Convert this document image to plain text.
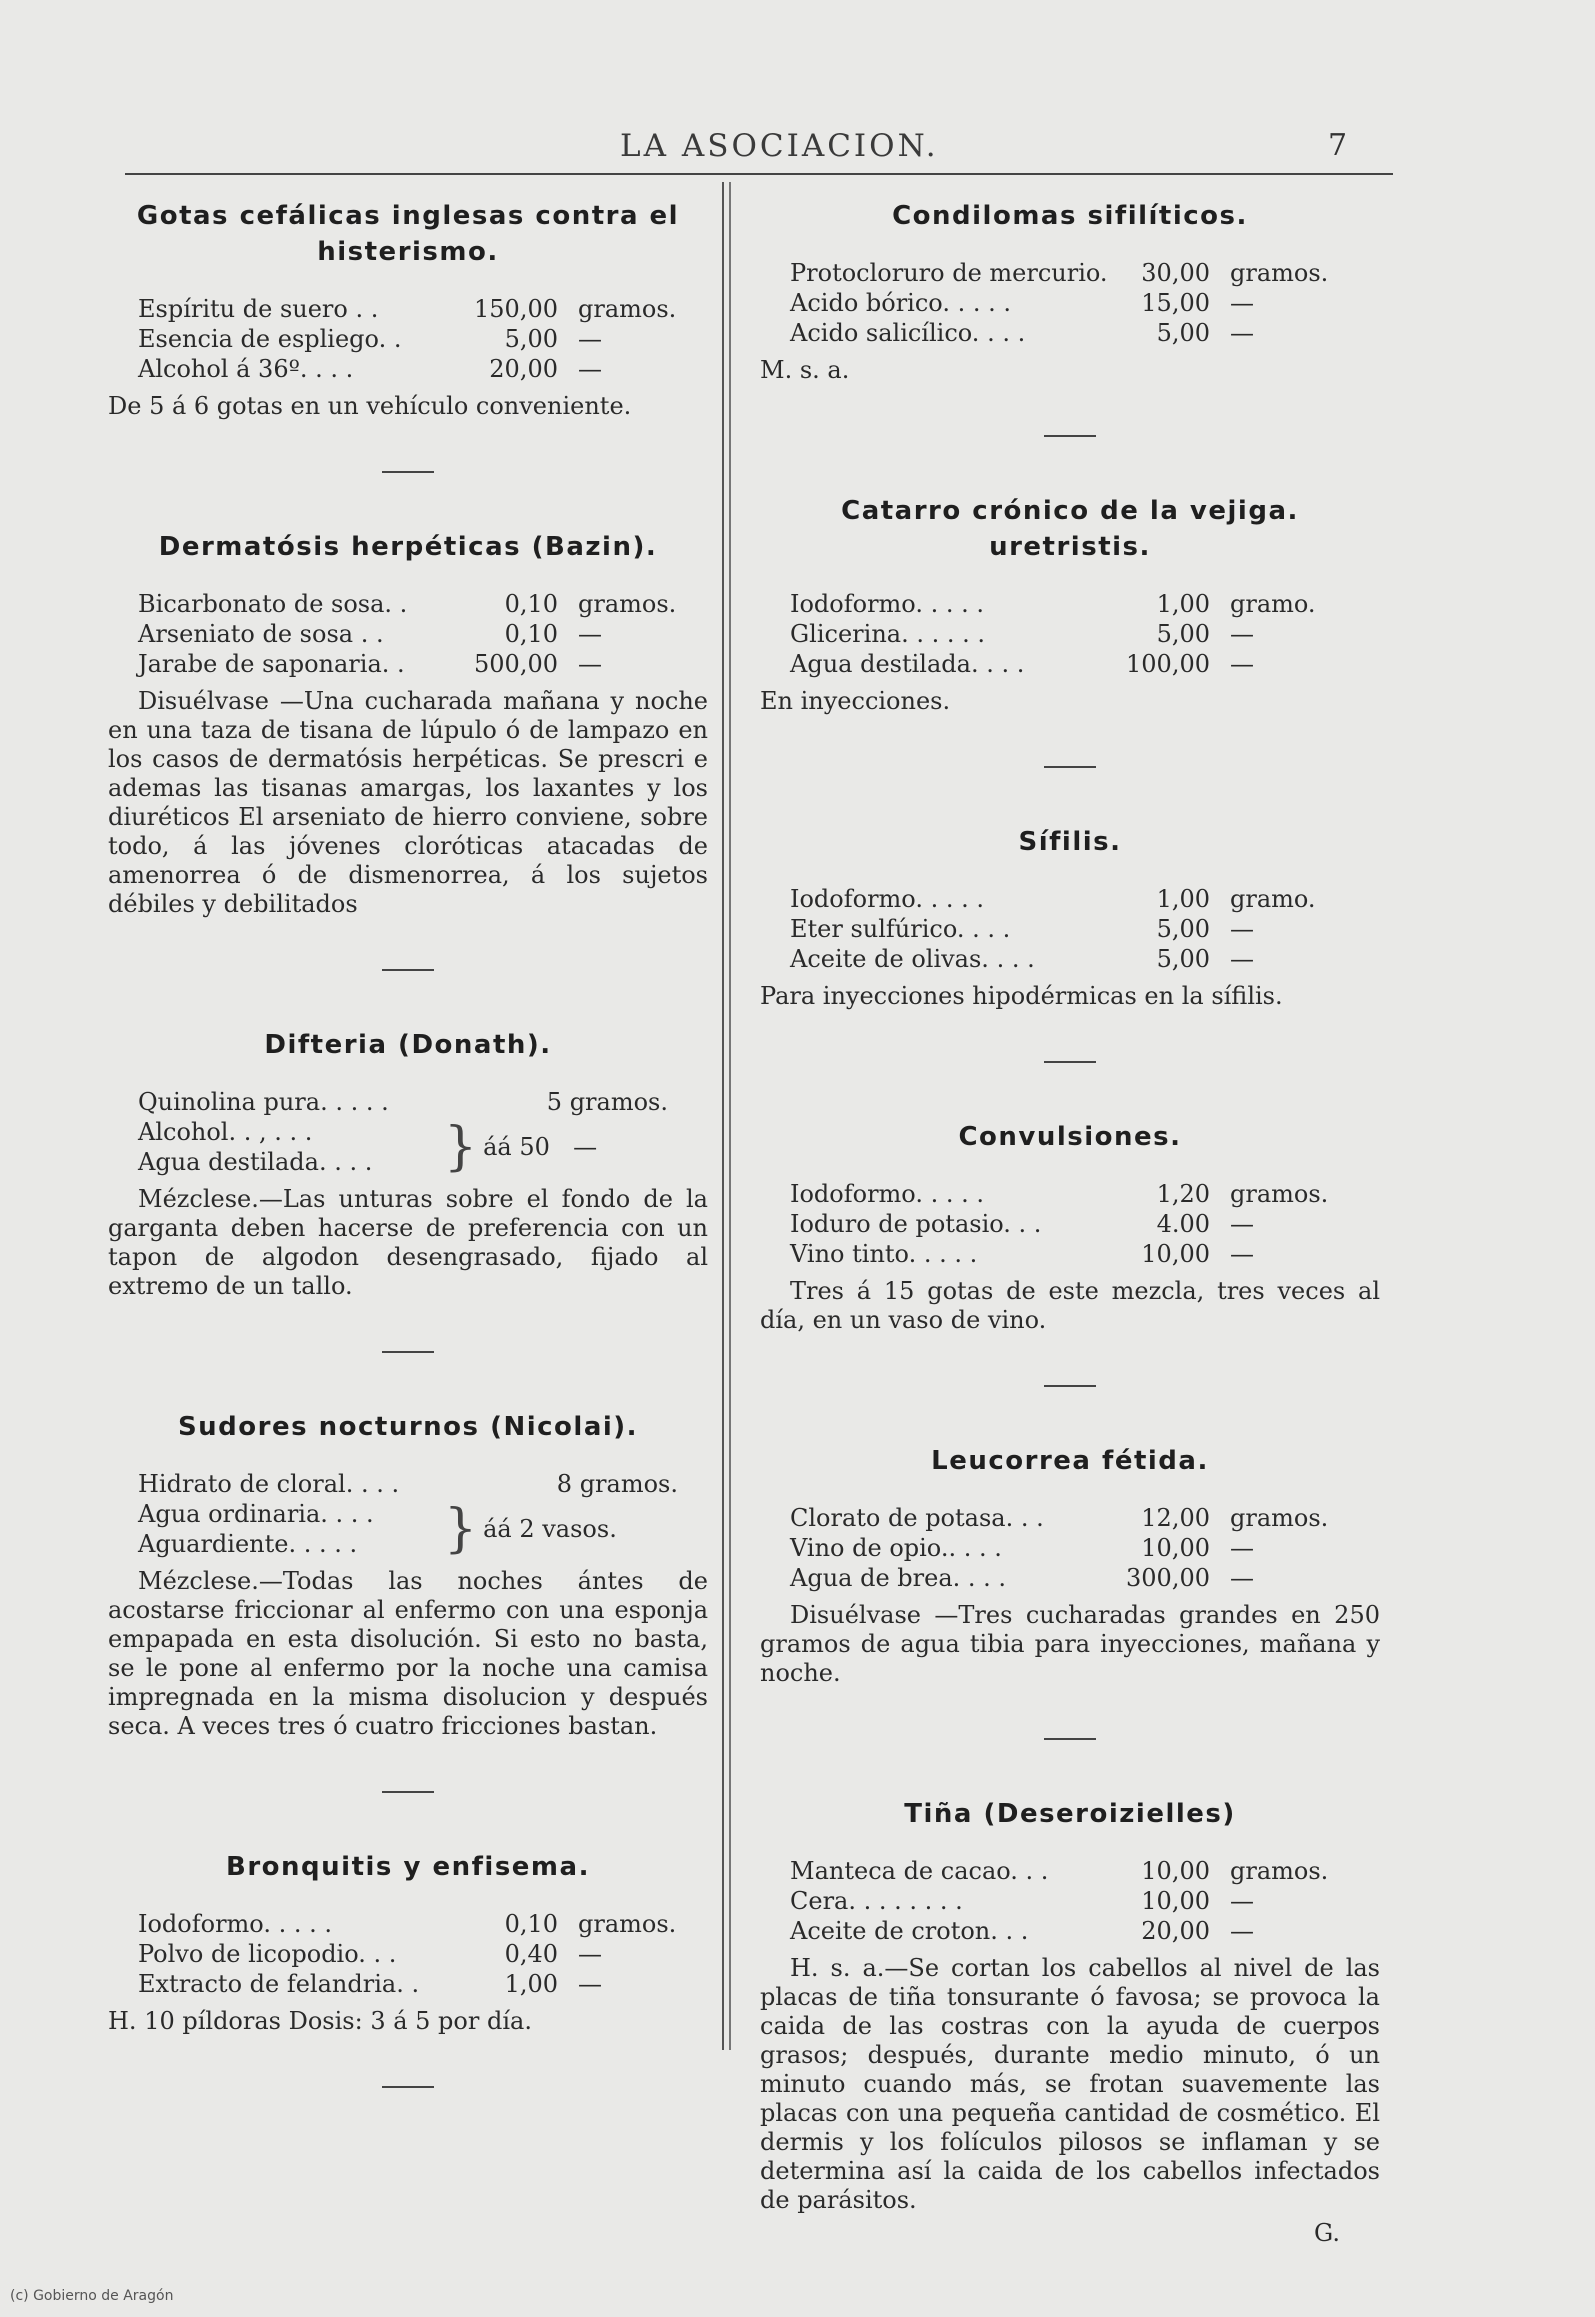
LA ASOCIACION.	7
Gotas cefálicas inglesas contra el histerismo.
Espíritu de suero . .	150,00 gramos.
Esencia de espliego. .	5,00 —
Alcohol á 36º. . . .	20,00 —

De 5 á 6 gotas en un vehículo conveniente.

Dermatósis herpéticas (Bazin).
Bicarbonato de sosa. .	0,10 gramos.
Arseniato de sosa . .	0,10 —
Jarabe de saponaria. .	500,00 —

Disuélvase —Una cucharada mañana y noche en una taza de tisana de lúpulo ó de lampazo en los casos de dermatósis herpéticas. Se prescri e ademas las tisanas amargas, los laxantes y los diuréticos El arseniato de hierro conviene, sobre todo, á las jóvenes cloróticas atacadas de amenorrea ó de dismenorrea, á los sujetos débiles y debilitados

Difteria (Donath).
Quinolina pura. . . . .	5 gramos.
Alcohol. . , . . .
Agua destilada. . . .	} áá 50 —

Mézclese.—Las unturas sobre el fondo de la garganta deben hacerse de preferencia con un tapon de algodon desengrasado, fijado al extremo de un tallo.

Sudores nocturnos (Nicolai).
Hidrato de cloral. . . .	8 gramos.
Agua ordinaria. . . .
Aguardiente. . . . .	} áá 2 vasos.

Mézclese.—Todas las noches ántes de acostarse friccionar al enfermo con una esponja empapada en esta disolución. Si esto no basta, se le pone al enfermo por la noche una camisa impregnada en la misma disolucion y después seca. A veces tres ó cuatro fricciones bastan.

Bronquitis y enfisema.
Iodoformo. . . . .	0,10 gramos.
Polvo de licopodio. . .	0,40 —
Extracto de felandria. .	1,00 —

H. 10 píldoras Dosis: 3 á 5 por día.

Condilomas sifilíticos.
Protocloruro de mercurio.	30,00 gramos.
Acido bórico. . . . .	15,00 —
Acido salicílico. . . .	5,00 —

M. s. a.

Catarro crónico de la vejiga.
uretristis.
Iodoformo. . . . .	1,00 gramo.
Glicerina. . . . . .	5,00 —
Agua destilada. . . .	100,00 —

En inyecciones.

Sífilis.
Iodoformo. . . . .	1,00 gramo.
Eter sulfúrico. . . .	5,00 —
Aceite de olivas. . . .	5,00 —

Para inyecciones hipodérmicas en la sífilis.

Convulsiones.
Iodoformo. . . . .	1,20 gramos.
Ioduro de potasio. . .	4.00 —
Vino tinto. . . . .	10,00 —

Tres á 15 gotas de este mezcla, tres veces al día, en un vaso de vino.

Leucorrea fétida.
Clorato de potasa. . .	12,00 gramos.
Vino de opio.. . . .	10,00 —
Agua de brea. . . .	300,00 —

Disuélvase —Tres cucharadas grandes en 250 gramos de agua tibia para inyecciones, mañana y noche.

Tiña (Deseroizielles)
Manteca de cacao. . .	10,00 gramos.
Cera. . . . . . . .	10,00 —
Aceite de croton. . .	20,00 —

H. s. a.—Se cortan los cabellos al nivel de las placas de tiña tonsurante ó favosa; se provoca la caida de las costras con la ayuda de cuerpos grasos; después, durante medio minuto, ó un minuto cuando más, se frotan suavemente las placas con una pequeña cantidad de cosmético. El dermis y los folículos pilosos se inflaman y se determina así la caida de los cabellos infectados de parásitos.

G.
(c) Gobierno de Aragón
